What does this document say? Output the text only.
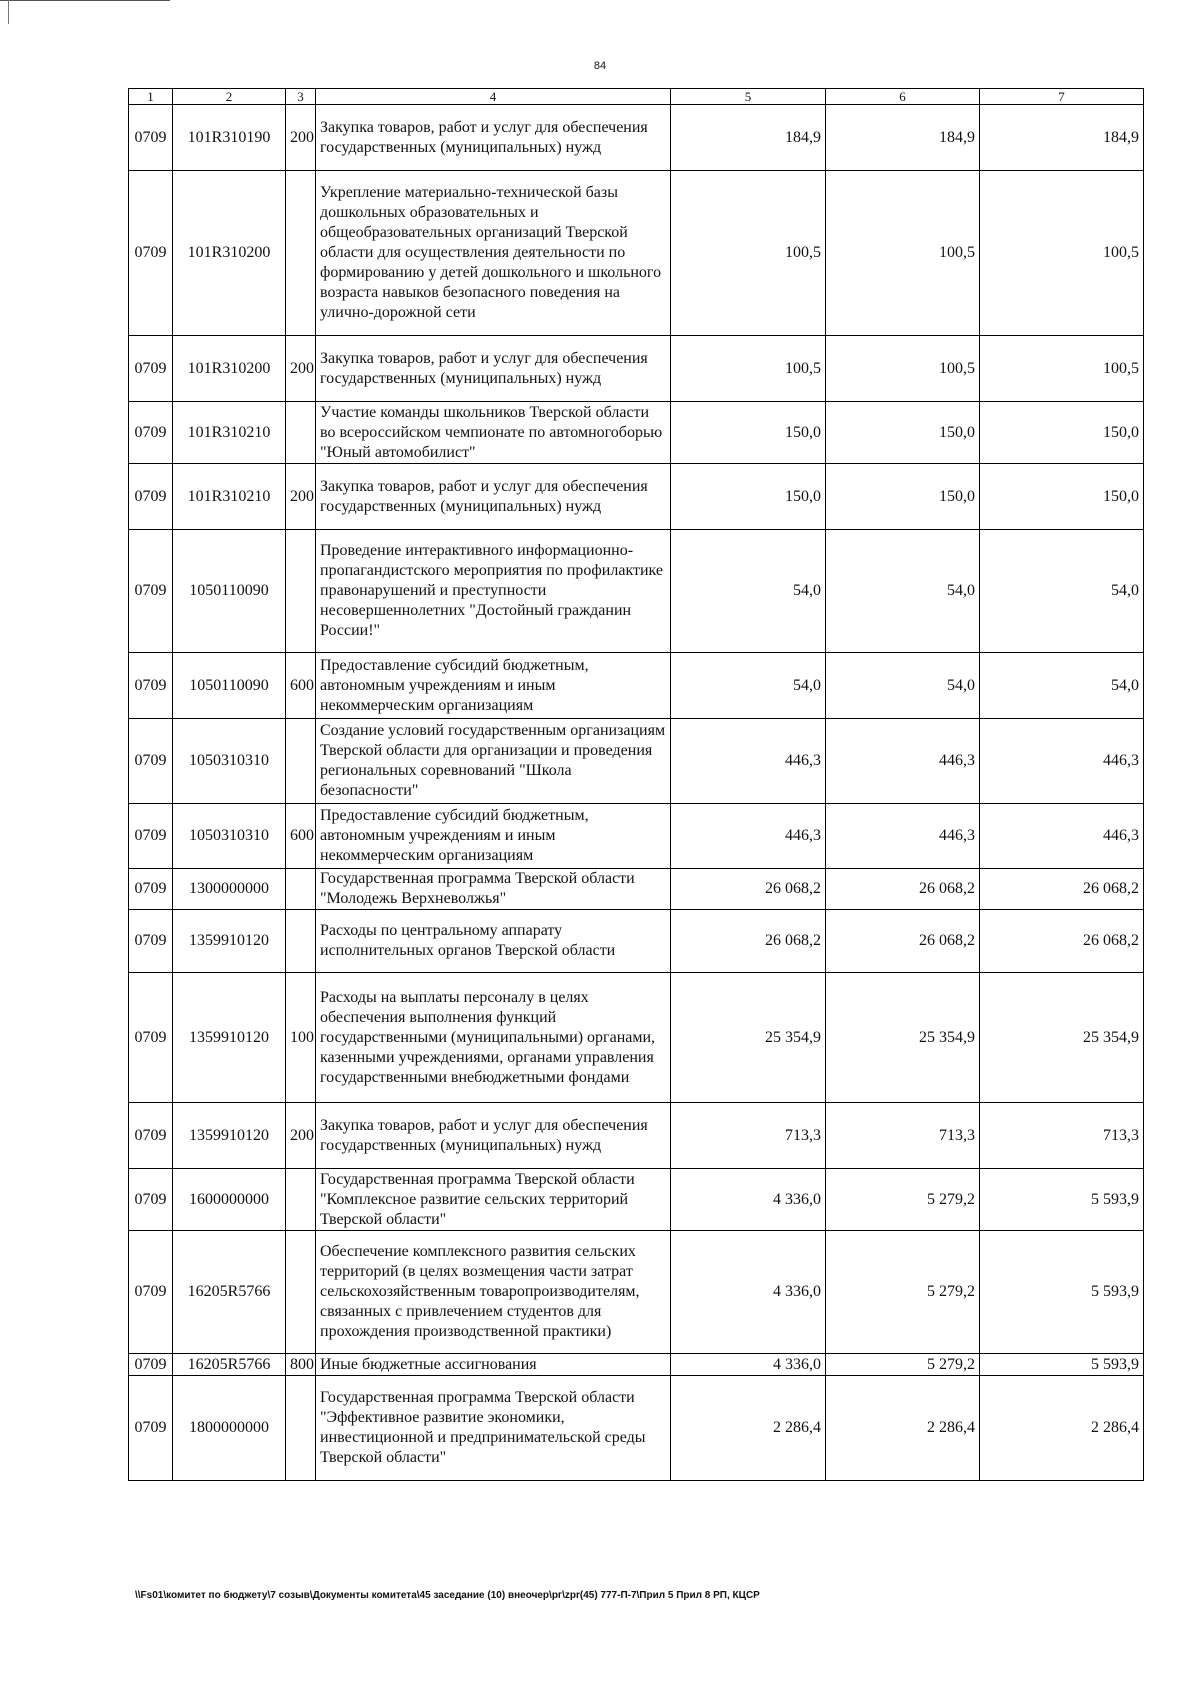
84
1	2	3	4	5	6	7
0709	101R310190	200	Закупка товаров, работ и услуг для обеспечения государственных (муниципальных) нужд	184,9	184,9	184,9
0709	101R310200		Укрепление материально-технической базы дошкольных образовательных и общеобразовательных организаций Тверской области для осуществления деятельности по формированию у детей дошкольного и школьного возраста навыков безопасного поведения на улично-дорожной сети	100,5	100,5	100,5
0709	101R310200	200	Закупка товаров, работ и услуг для обеспечения государственных (муниципальных) нужд	100,5	100,5	100,5
0709	101R310210		Участие команды школьников Тверской области во всероссийском чемпионате по автомногоборью "Юный автомобилист"	150,0	150,0	150,0
0709	101R310210	200	Закупка товаров, работ и услуг для обеспечения государственных (муниципальных) нужд	150,0	150,0	150,0
0709	1050110090		Проведение интерактивного информационно-пропагандистского мероприятия по профилактике правонарушений и преступности несовершеннолетних "Достойный гражданин России!"	54,0	54,0	54,0
0709	1050110090	600	Предоставление субсидий бюджетным, автономным учреждениям и иным некоммерческим организациям	54,0	54,0	54,0
0709	1050310310		Создание условий государственным организациям Тверской области для организации и проведения региональных соревнований "Школа безопасности"	446,3	446,3	446,3
0709	1050310310	600	Предоставление субсидий бюджетным, автономным учреждениям и иным некоммерческим организациям	446,3	446,3	446,3
0709	1300000000		Государственная программа Тверской области "Молодежь Верхневолжья"	26 068,2	26 068,2	26 068,2
0709	1359910120		Расходы по центральному аппарату исполнительных органов Тверской области	26 068,2	26 068,2	26 068,2
0709	1359910120	100	Расходы на выплаты персоналу в целях обеспечения выполнения функций государственными (муниципальными) органами, казенными учреждениями, органами управления государственными внебюджетными фондами	25 354,9	25 354,9	25 354,9
0709	1359910120	200	Закупка товаров, работ и услуг для обеспечения государственных (муниципальных) нужд	713,3	713,3	713,3
0709	1600000000		Государственная программа Тверской области "Комплексное развитие сельских территорий Тверской области"	4 336,0	5 279,2	5 593,9
0709	16205R5766		Обеспечение комплексного развития сельских территорий (в целях возмещения части затрат сельскохозяйственным товаропроизводителям, связанных с привлечением студентов для прохождения производственной практики)	4 336,0	5 279,2	5 593,9
0709	16205R5766	800	Иные бюджетные ассигнования	4 336,0	5 279,2	5 593,9
0709	1800000000		Государственная программа Тверской области "Эффективное развитие экономики, инвестиционной и предпринимательской среды Тверской области"	2 286,4	2 286,4	2 286,4
\\Fs01\комитет по бюджету\7 созыв\Документы комитета\45 заседание (10) внеочер\рг\zpr(45) 777-П-7\Прил 5 Прил 8 РП, КЦСР
